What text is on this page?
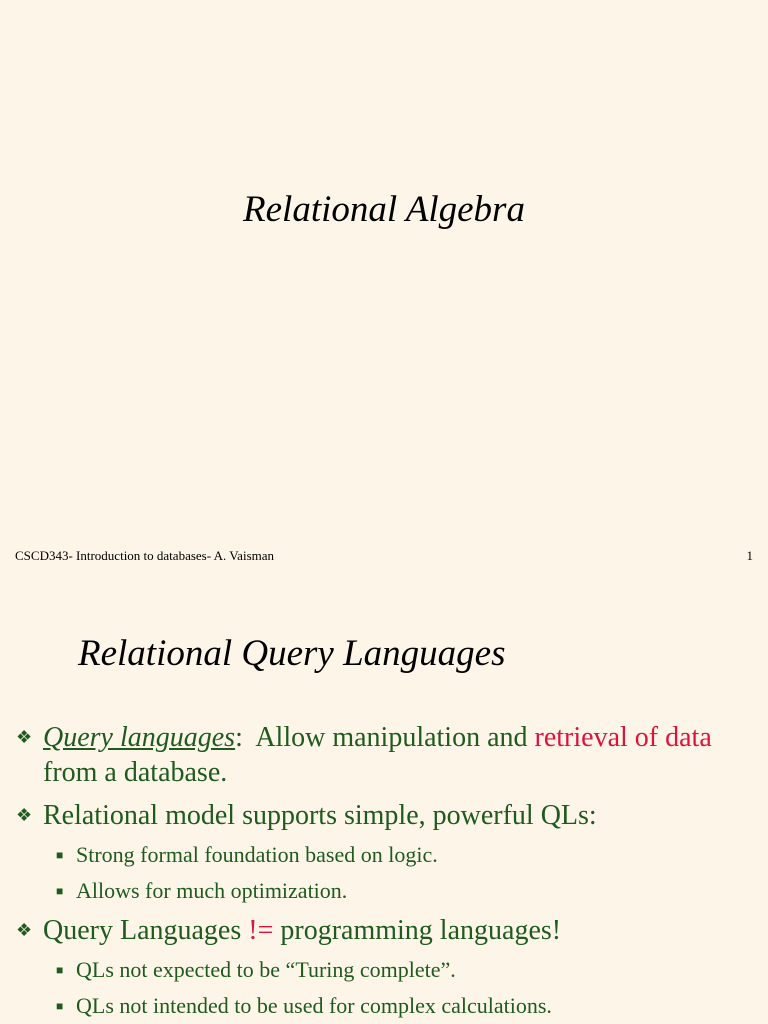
Relational Algebra
CSCD343- Introduction to databases- A. Vaisman	1
Relational Query Languages
❖ Query languages: Allow manipulation and retrieval of data from a database.
❖ Relational model supports simple, powerful QLs:
■ Strong formal foundation based on logic.
■ Allows for much optimization.
❖ Query Languages != programming languages!
■ QLs not expected to be “Turing complete”.
■ QLs not intended to be used for complex calculations.
